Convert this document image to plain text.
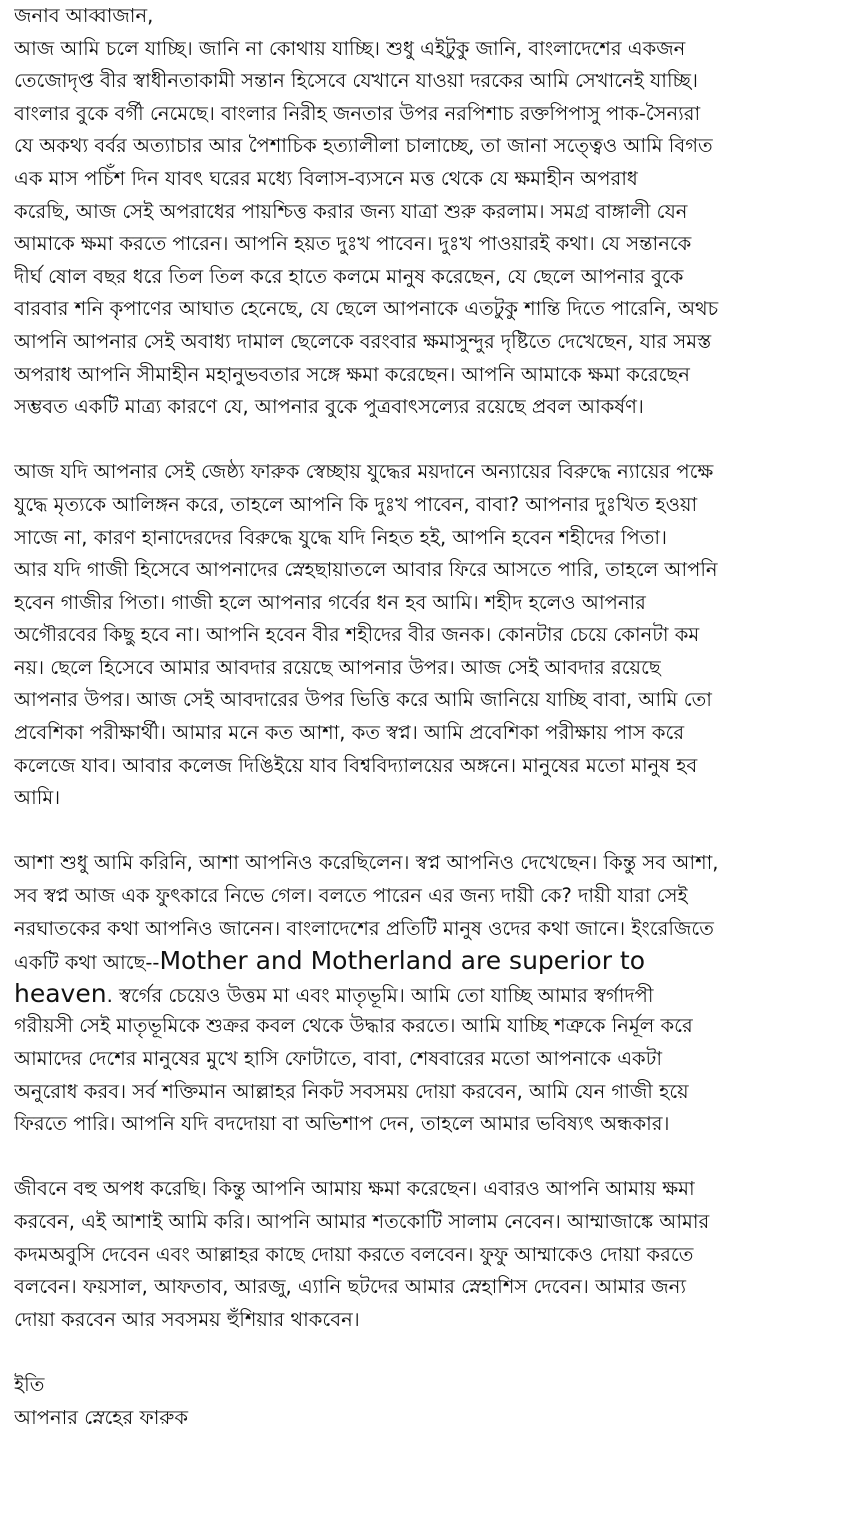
জনাব আব্বাজান,
আজ আমি চলে যাচ্ছি। জানি না কোথায় যাচ্ছি। শুধু এইটুকু জানি, বাংলাদেশের একজন
তেজোদৃপ্ত বীর স্বাধীনতাকামী সন্তান হিসেবে যেখানে যাওয়া দরকের আমি সেখানেই যাচ্ছি।
বাংলার বুকে বর্গী নেমেছে। বাংলার নিরীহ জনতার উপর নরপিশাচ রক্তপিপাসু পাক-সৈন্যরা
যে অকথ্য বর্বর অত্যাচার আর পৈশাচিক হত্যালীলা চালাচ্ছে, তা জানা সত্ত্বেও আমি বিগত
এক মাস পচিঁশ দিন যাবৎ ঘরের মধ্যে বিলাস-ব্যসনে মত্ত থেকে যে ক্ষমাহীন অপরাধ
করেছি, আজ সেই অপরাধের পায়শ্চিত্ত করার জন্য যাত্রা শুরু করলাম। সমগ্র বাঙ্গালী যেন
আমাকে ক্ষমা করতে পারেন। আপনি হয়ত দুঃখ পাবেন। দুঃখ পাওয়ারই কথা। যে সন্তানকে
দীর্ঘ ষোল বছর ধরে তিল তিল করে হাতে কলমে মানুষ করেছেন, যে ছেলে আপনার বুকে
বারবার শনি কৃপাণের আঘাত হেনেছে, যে ছেলে আপনাকে এতটুকু শান্তি দিতে পারেনি, অথচ
আপনি আপনার সেই অবাধ্য দামাল ছেলেকে বরংবার ক্ষমাসুন্দুর দৃষ্টিতে দেখেছেন, যার সমস্ত
অপরাধ আপনি সীমাহীন মহানুভবতার সঙ্গে ক্ষমা করেছেন। আপনি আমাকে ক্ষমা করেছেন
সম্ভবত একটি মাত্র্য কারণে যে, আপনার বুকে পুত্রবাৎসল্যের রয়েছে প্রবল আকর্ষণ।
আজ যদি আপনার সেই জেষ্ঠ্য ফারুক স্বেচ্ছায় যুদ্ধের ময়দানে অন্যায়ের বিরুদ্ধে ন্যায়ের পক্ষে
যুদ্ধে মৃত্যকে আলিঙ্গন করে, তাহলে আপনি কি দুঃখ পাবেন, বাবা? আপনার দুঃখিত হওয়া
সাজে না, কারণ হানাদেরদের বিরুদ্ধে যুদ্ধে যদি নিহত হই, আপনি হবেন শহীদের পিতা।
আর যদি গাজী হিসেবে আপনাদের স্নেহছায়াতলে আবার ফিরে আসতে পারি, তাহলে আপনি
হবেন গাজীর পিতা। গাজী হলে আপনার গর্বের ধন হব আমি। শহীদ হলেও আপনার
অগৌরবের কিছু হবে না। আপনি হবেন বীর শহীদের বীর জনক। কোনটার চেয়ে কোনটা কম
নয়। ছেলে হিসেবে আমার আবদার রয়েছে আপনার উপর। আজ সেই আবদার রয়েছে
আপনার উপর। আজ সেই আবদারের উপর ভিত্তি করে আমি জানিয়ে যাচ্ছি বাবা, আমি তো
প্রবেশিকা পরীক্ষার্থী। আমার মনে কত আশা, কত স্বপ্ন। আমি প্রবেশিকা পরীক্ষায় পাস করে
কলেজে যাব। আবার কলেজ দিঙিইয়ে যাব বিশ্ববিদ্যালয়ের অঙ্গনে। মানুষের মতো মানুষ হব
আমি।
আশা শুধু আমি করিনি, আশা আপনিও করেছিলেন। স্বপ্ন আপনিও দেখেছেন। কিন্তু সব আশা,
সব স্বপ্ন আজ এক ফুৎকারে নিভে গেল। বলতে পারেন এর জন্য দায়ী কে? দায়ী যারা সেই
নরঘাতকের কথা আপনিও জানেন। বাংলাদেশের প্রতিটি মানুষ ওদের কথা জানে। ইংরেজিতে
একটি কথা আছে--Mother and Motherland are superior to
heaven. স্বর্গের চেয়েও উত্তম মা এবং মাতৃভূমি। আমি তো যাচ্ছি আমার স্বর্গাদপী
গরীয়সী সেই মাতৃভূমিকে শুক্রর কবল থেকে উদ্ধার করতে। আমি যাচ্ছি শত্রুকে নির্মূল করে
আমাদের দেশের মানুষের মুখে হাসি ফোটাতে, বাবা, শেষবারের মতো আপনাকে একটা
অনুরোধ করব। সর্ব শক্তিমান আল্লাহর নিকট সবসময় দোয়া করবেন, আমি যেন গাজী হয়ে
ফিরতে পারি। আপনি যদি বদদোয়া বা অভিশাপ দেন, তাহলে আমার ভবিষ্যৎ অন্ধকার।
জীবনে বহু অপধ করেছি। কিন্তু আপনি আমায় ক্ষমা করেছেন। এবারও আপনি আমায় ক্ষমা
করবেন, এই আশাই আমি করি। আপনি আমার শতকোটি সালাম নেবেন। আম্মাজাঙ্কে আমার
কদমঅবুসি দেবেন এবং আল্লাহর কাছে দোয়া করতে বলবেন। ফুফু আম্মাকেও দোয়া করতে
বলবেন। ফয়সাল, আফতাব, আরজু, এ্যানি ছটদের আমার স্নেহাশিস দেবেন। আমার জন্য
দোয়া করবেন আর সবসময় হুঁশিয়ার থাকবেন।
ইতি
আপনার স্নেহের ফারুক
